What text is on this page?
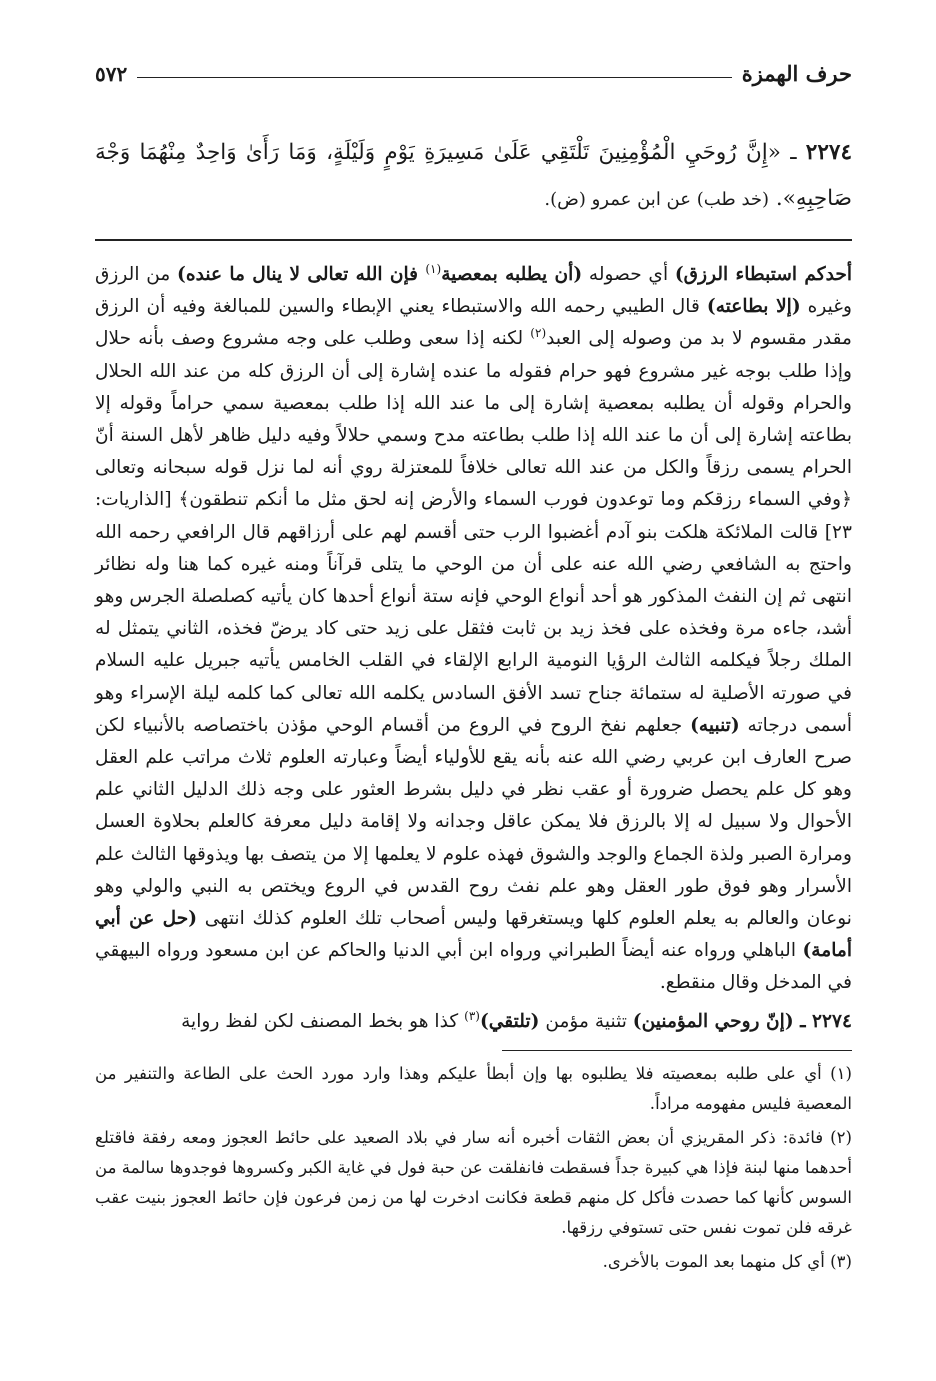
حرف الهمزة
٥٧٢
٢٢٧٤ ـ «إِنَّ رُوحَيِ الْمُؤْمِنِينَ تَلْتَقِي عَلَىٰ مَسِيرَةِ يَوْمٍ وَلَيْلَةٍ، وَمَا رَأَىٰ وَاحِدٌ مِنْهُمَا وَجْهَ صَاحِبِهِ». (خد طب) عن ابن عمرو (ض).

أحدكم استبطاء الرزق) أي حصوله (أن يطلبه بمعصية$^{(١)}$ فإن الله تعالى لا ينال ما عنده) من الرزق وغيره (إلا بطاعته) قال الطيبي رحمه الله والاستبطاء يعني الإبطاء والسين للمبالغة وفيه أن الرزق مقدر مقسوم لا بد من وصوله إلى العبد$^{(٢)}$ لكنه إذا سعى وطلب على وجه مشروع وصف بأنه حلال وإذا طلب بوجه غير مشروع فهو حرام فقوله ما عنده إشارة إلى أن الرزق كله من عند الله الحلال والحرام وقوله أن يطلبه بمعصية إشارة إلى ما عند الله إذا طلب بمعصية سمي حراماً وقوله إلا بطاعته إشارة إلى أن ما عند الله إذا طلب بطاعته مدح وسمي حلالاً وفيه دليل ظاهر لأهل السنة أنّ الحرام يسمى رزقاً والكل من عند الله تعالى خلافاً للمعتزلة روي أنه لما نزل قوله سبحانه وتعالى ﴿وفي السماء رزقكم وما توعدون فورب السماء والأرض إنه لحق مثل ما أنكم تنطقون﴾ [الذاريات: ٢٣] قالت الملائكة هلكت بنو آدم أغضبوا الرب حتى أقسم لهم على أرزاقهم قال الرافعي رحمه الله واحتج به الشافعي رضي الله عنه على أن من الوحي ما يتلى قرآناً ومنه غيره كما هنا وله نظائر انتهى ثم إن النفث المذكور هو أحد أنواع الوحي فإنه ستة أنواع أحدها كان يأتيه كصلصلة الجرس وهو أشد، جاءه مرة وفخذه على فخذ زيد بن ثابت فثقل على زيد حتى كاد يرضّ فخذه، الثاني يتمثل له الملك رجلاً فيكلمه الثالث الرؤيا النومية الرابع الإلقاء في القلب الخامس يأتيه جبريل عليه السلام في صورته الأصلية له ستمائة جناح تسد الأفق السادس يكلمه الله تعالى كما كلمه ليلة الإسراء وهو أسمى درجاته (تنبيه) جعلهم نفخ الروح في الروع من أقسام الوحي مؤذن باختصاصه بالأنبياء لكن صرح العارف ابن عربي رضي الله عنه بأنه يقع للأولياء أيضاً وعبارته العلوم ثلاث مراتب علم العقل وهو كل علم يحصل ضرورة أو عقب نظر في دليل بشرط العثور على وجه ذلك الدليل الثاني علم الأحوال ولا سبيل له إلا بالرزق فلا يمكن عاقل وجدانه ولا إقامة دليل معرفة كالعلم بحلاوة العسل ومرارة الصبر ولذة الجماع والوجد والشوق فهذه علوم لا يعلمها إلا من يتصف بها ويذوقها الثالث علم الأسرار وهو فوق طور العقل وهو علم نفث روح القدس في الروع ويختص به النبي والولي وهو نوعان والعالم به يعلم العلوم كلها ويستغرقها وليس أصحاب تلك العلوم كذلك انتهى (حل عن أبي أمامة) الباهلي ورواه عنه أيضاً الطبراني ورواه ابن أبي الدنيا والحاكم عن ابن مسعود ورواه البيهقي في المدخل وقال منقطع.

٢٢٧٤ ـ (إنّ روحي المؤمنين) تثنية مؤمن (تلتقي)$^{(٣)}$ كذا هو بخط المصنف لكن لفظ رواية

(١) أي على طلبه بمعصيته فلا يطلبوه بها وإن أبطأ عليكم وهذا وارد مورد الحث على الطاعة والتنفير من المعصية فليس مفهومه مراداً.

(٢) فائدة: ذكر المقريزي أن بعض الثقات أخبره أنه سار في بلاد الصعيد على حائط العجوز ومعه رفقة فاقتلع أحدهما منها لبنة فإذا هي كبيرة جداً فسقطت فانفلقت عن حبة فول في غاية الكبر وكسروها فوجدوها سالمة من السوس كأنها كما حصدت فأكل كل منهم قطعة فكانت ادخرت لها من زمن فرعون فإن حائط العجوز بنيت عقب غرقه فلن تموت نفس حتى تستوفي رزقها.

(٣) أي كل منهما بعد الموت بالأخرى.
